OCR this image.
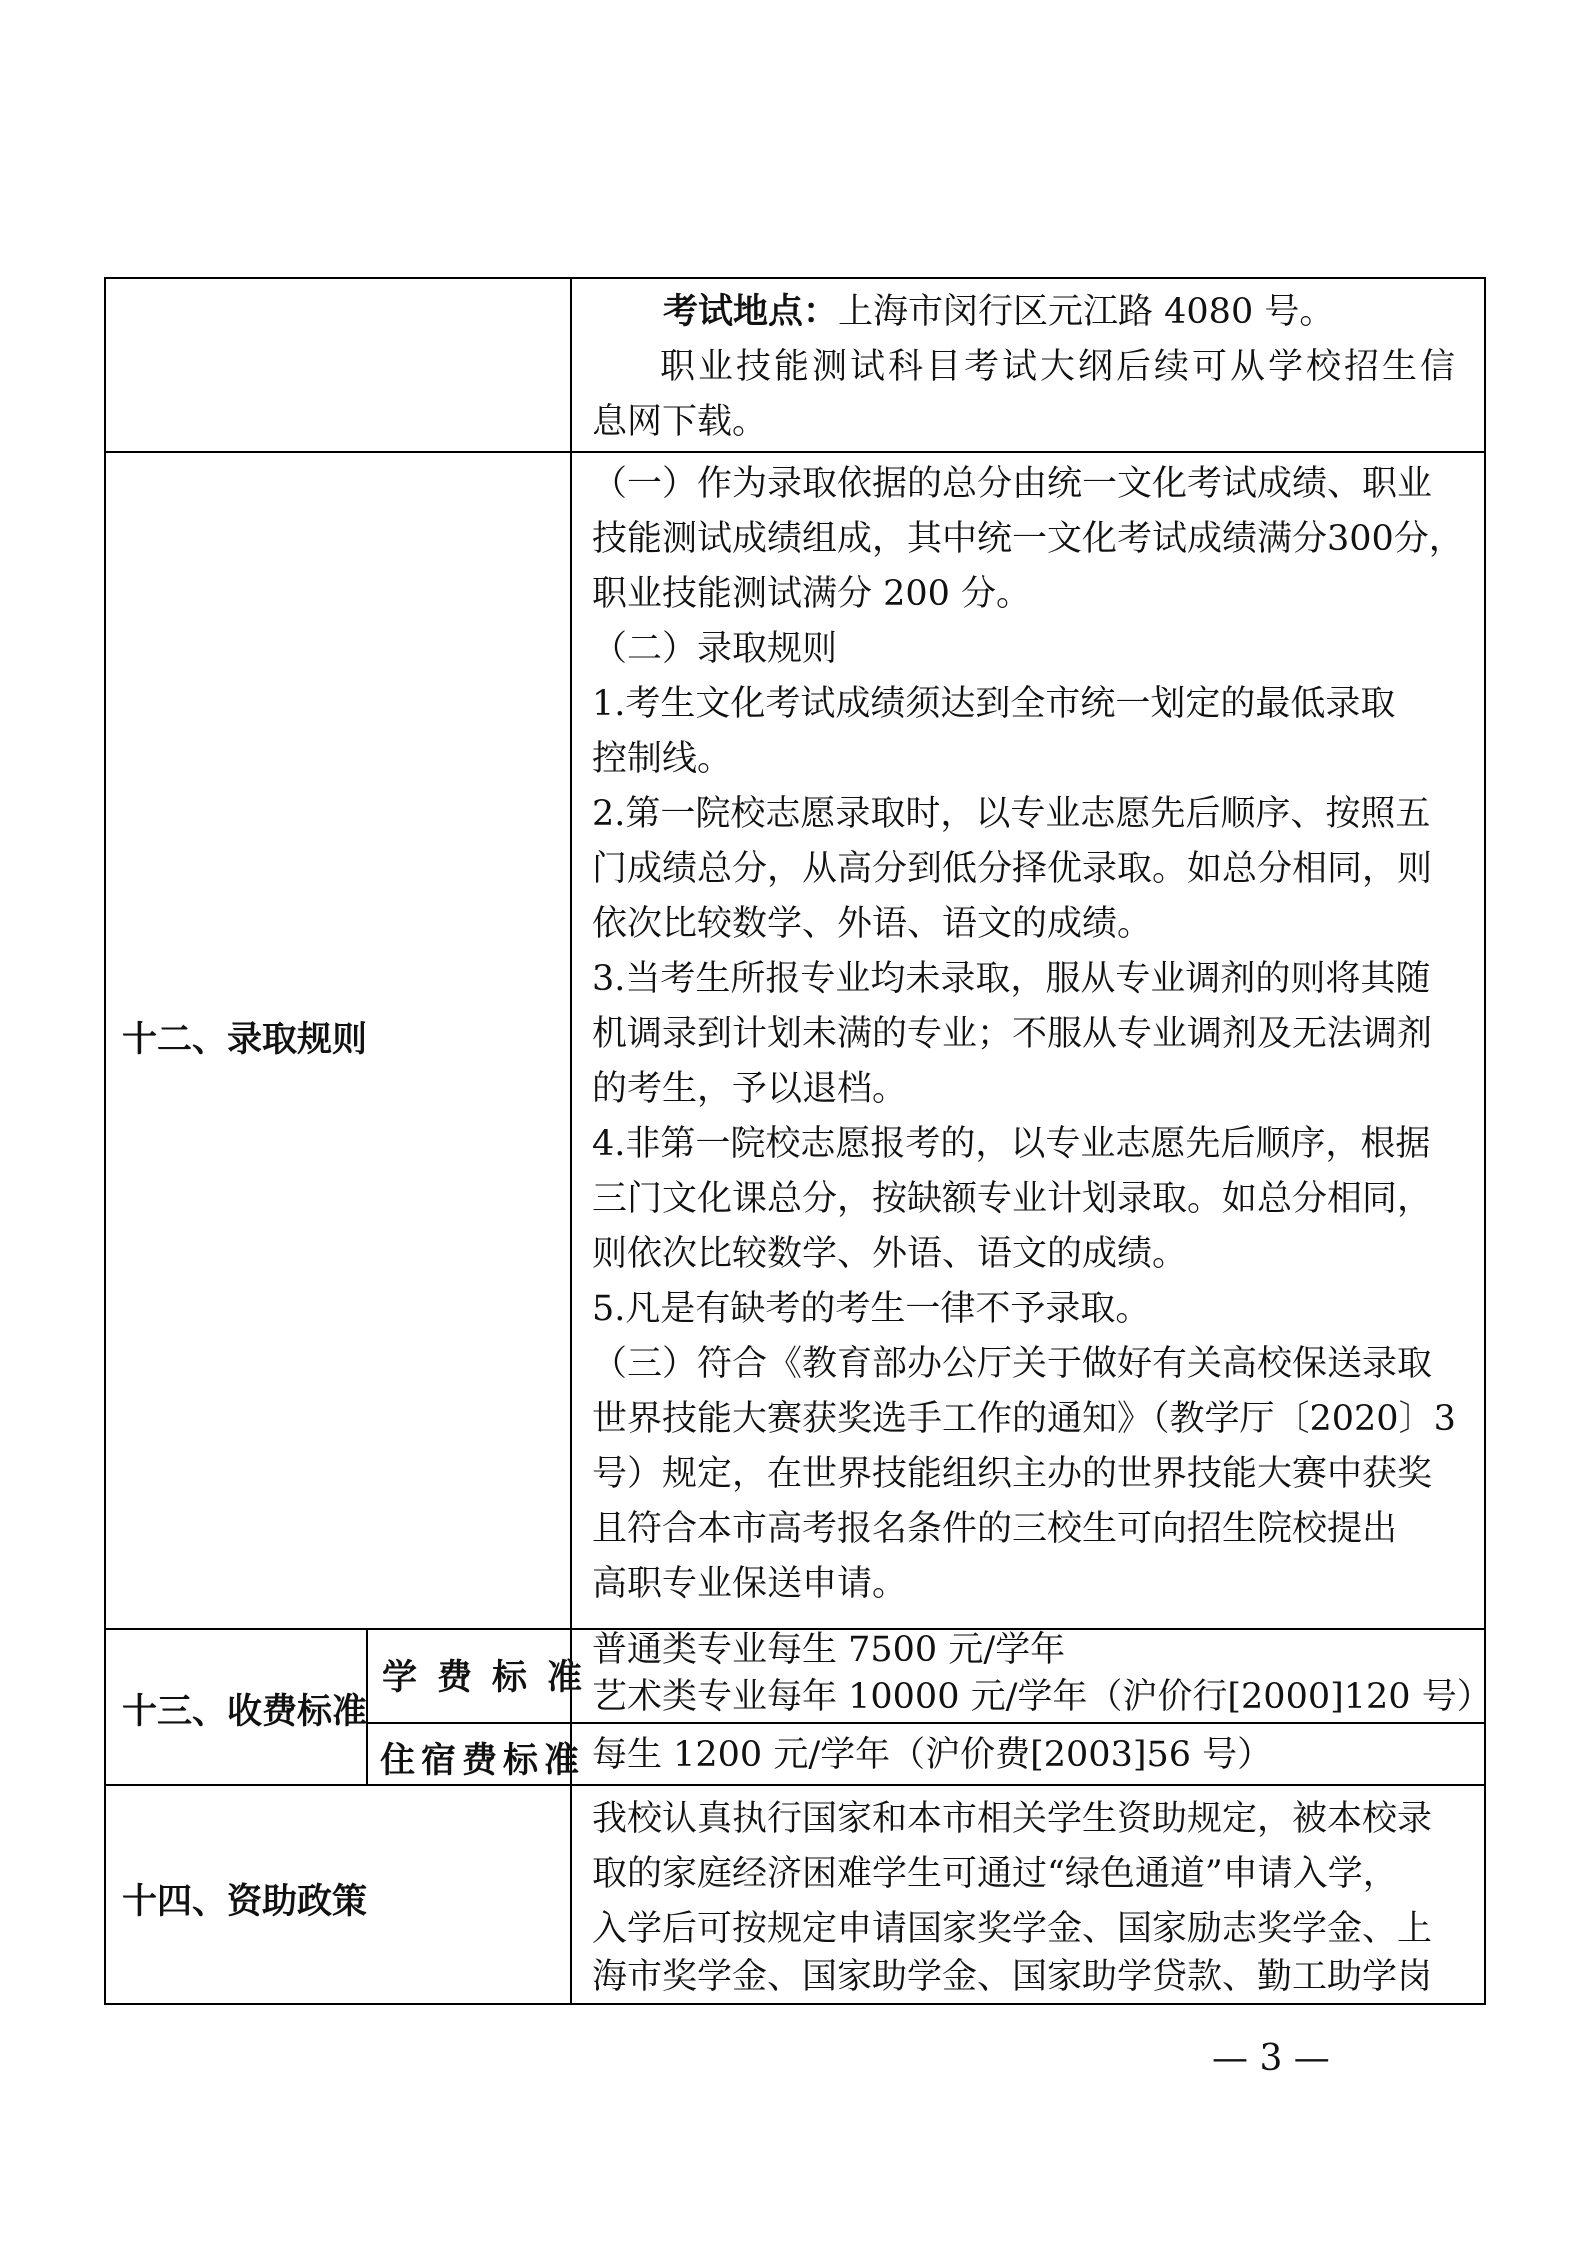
考试地点：上海市闵行区元江路 4080 号。
职业技能测试科目考试大纲后续可从学校招生信
息网下载。
十二、录取规则
（一）作为录取依据的总分由统一文化考试成绩、职业
技能测试成绩组成，其中统一文化考试成绩满分300分，
职业技能测试满分 200 分。
（二）录取规则
1.考生文化考试成绩须达到全市统一划定的最低录取
控制线。
2.第一院校志愿录取时，以专业志愿先后顺序、按照五
门成绩总分，从高分到低分择优录取。如总分相同，则
依次比较数学、外语、语文的成绩。
3.当考生所报专业均未录取，服从专业调剂的则将其随
机调录到计划未满的专业；不服从专业调剂及无法调剂
的考生，予以退档。
4.非第一院校志愿报考的，以专业志愿先后顺序，根据
三门文化课总分，按缺额专业计划录取。如总分相同，
则依次比较数学、外语、语文的成绩。
5.凡是有缺考的考生一律不予录取。
（三）符合《教育部办公厅关于做好有关高校保送录取
世界技能大赛获奖选手工作的通知》（教学厅〔2020〕3
号）规定，在世界技能组织主办的世界技能大赛中获奖
且符合本市高考报名条件的三校生可向招生院校提出
高职专业保送申请。
十三、收费标准
学费标准
住宿费标准
普通类专业每生 7500 元/学年
艺术类专业每年 10000 元/学年（沪价行[2000]120 号）
每生 1200 元/学年（沪价费[2003]56 号）
十四、资助政策
我校认真执行国家和本市相关学生资助规定，被本校录
取的家庭经济困难学生可通过“绿色通道”申请入学，
入学后可按规定申请国家奖学金、国家励志奖学金、上
海市奖学金、国家助学金、国家助学贷款、勤工助学岗
— 3 —
